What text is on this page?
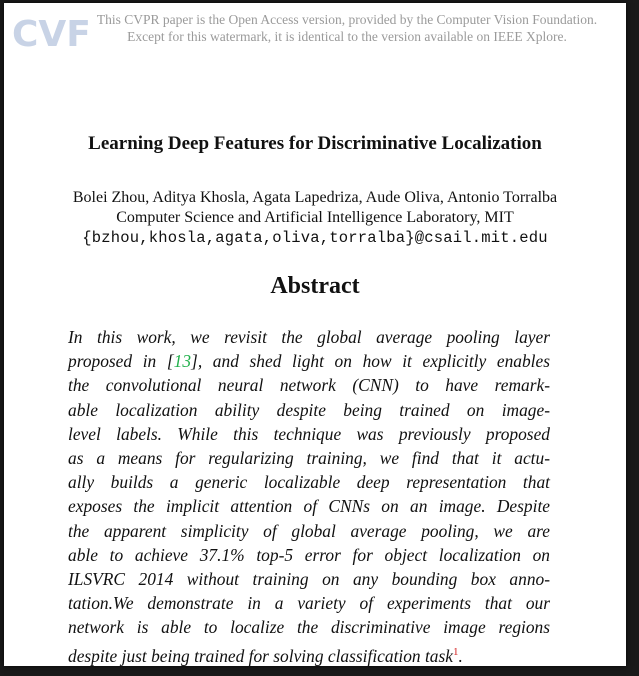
CVF This CVPR paper is the Open Access version, provided by the Computer Vision Foundation.
Except for this watermark, it is identical to the version available on IEEE Xplore.
Learning Deep Features for Discriminative Localization
Bolei Zhou, Aditya Khosla, Agata Lapedriza, Aude Oliva, Antonio Torralba
Computer Science and Artificial Intelligence Laboratory, MIT
{bzhou,khosla,agata,oliva,torralba}@csail.mit.edu
Abstract
In this work, we revisit the global average pooling layer
proposed in [13], and shed light on how it explicitly enables
the convolutional neural network (CNN) to have remark-
able localization ability despite being trained on image-
level labels. While this technique was previously proposed
as a means for regularizing training, we find that it actu-
ally builds a generic localizable deep representation that
exposes the implicit attention of CNNs on an image. Despite
the apparent simplicity of global average pooling, we are
able to achieve 37.1% top-5 error for object localization on
ILSVRC 2014 without training on any bounding box anno-
tation.We demonstrate in a variety of experiments that our
network is able to localize the discriminative image regions
despite just being trained for solving classification task$^1$.
